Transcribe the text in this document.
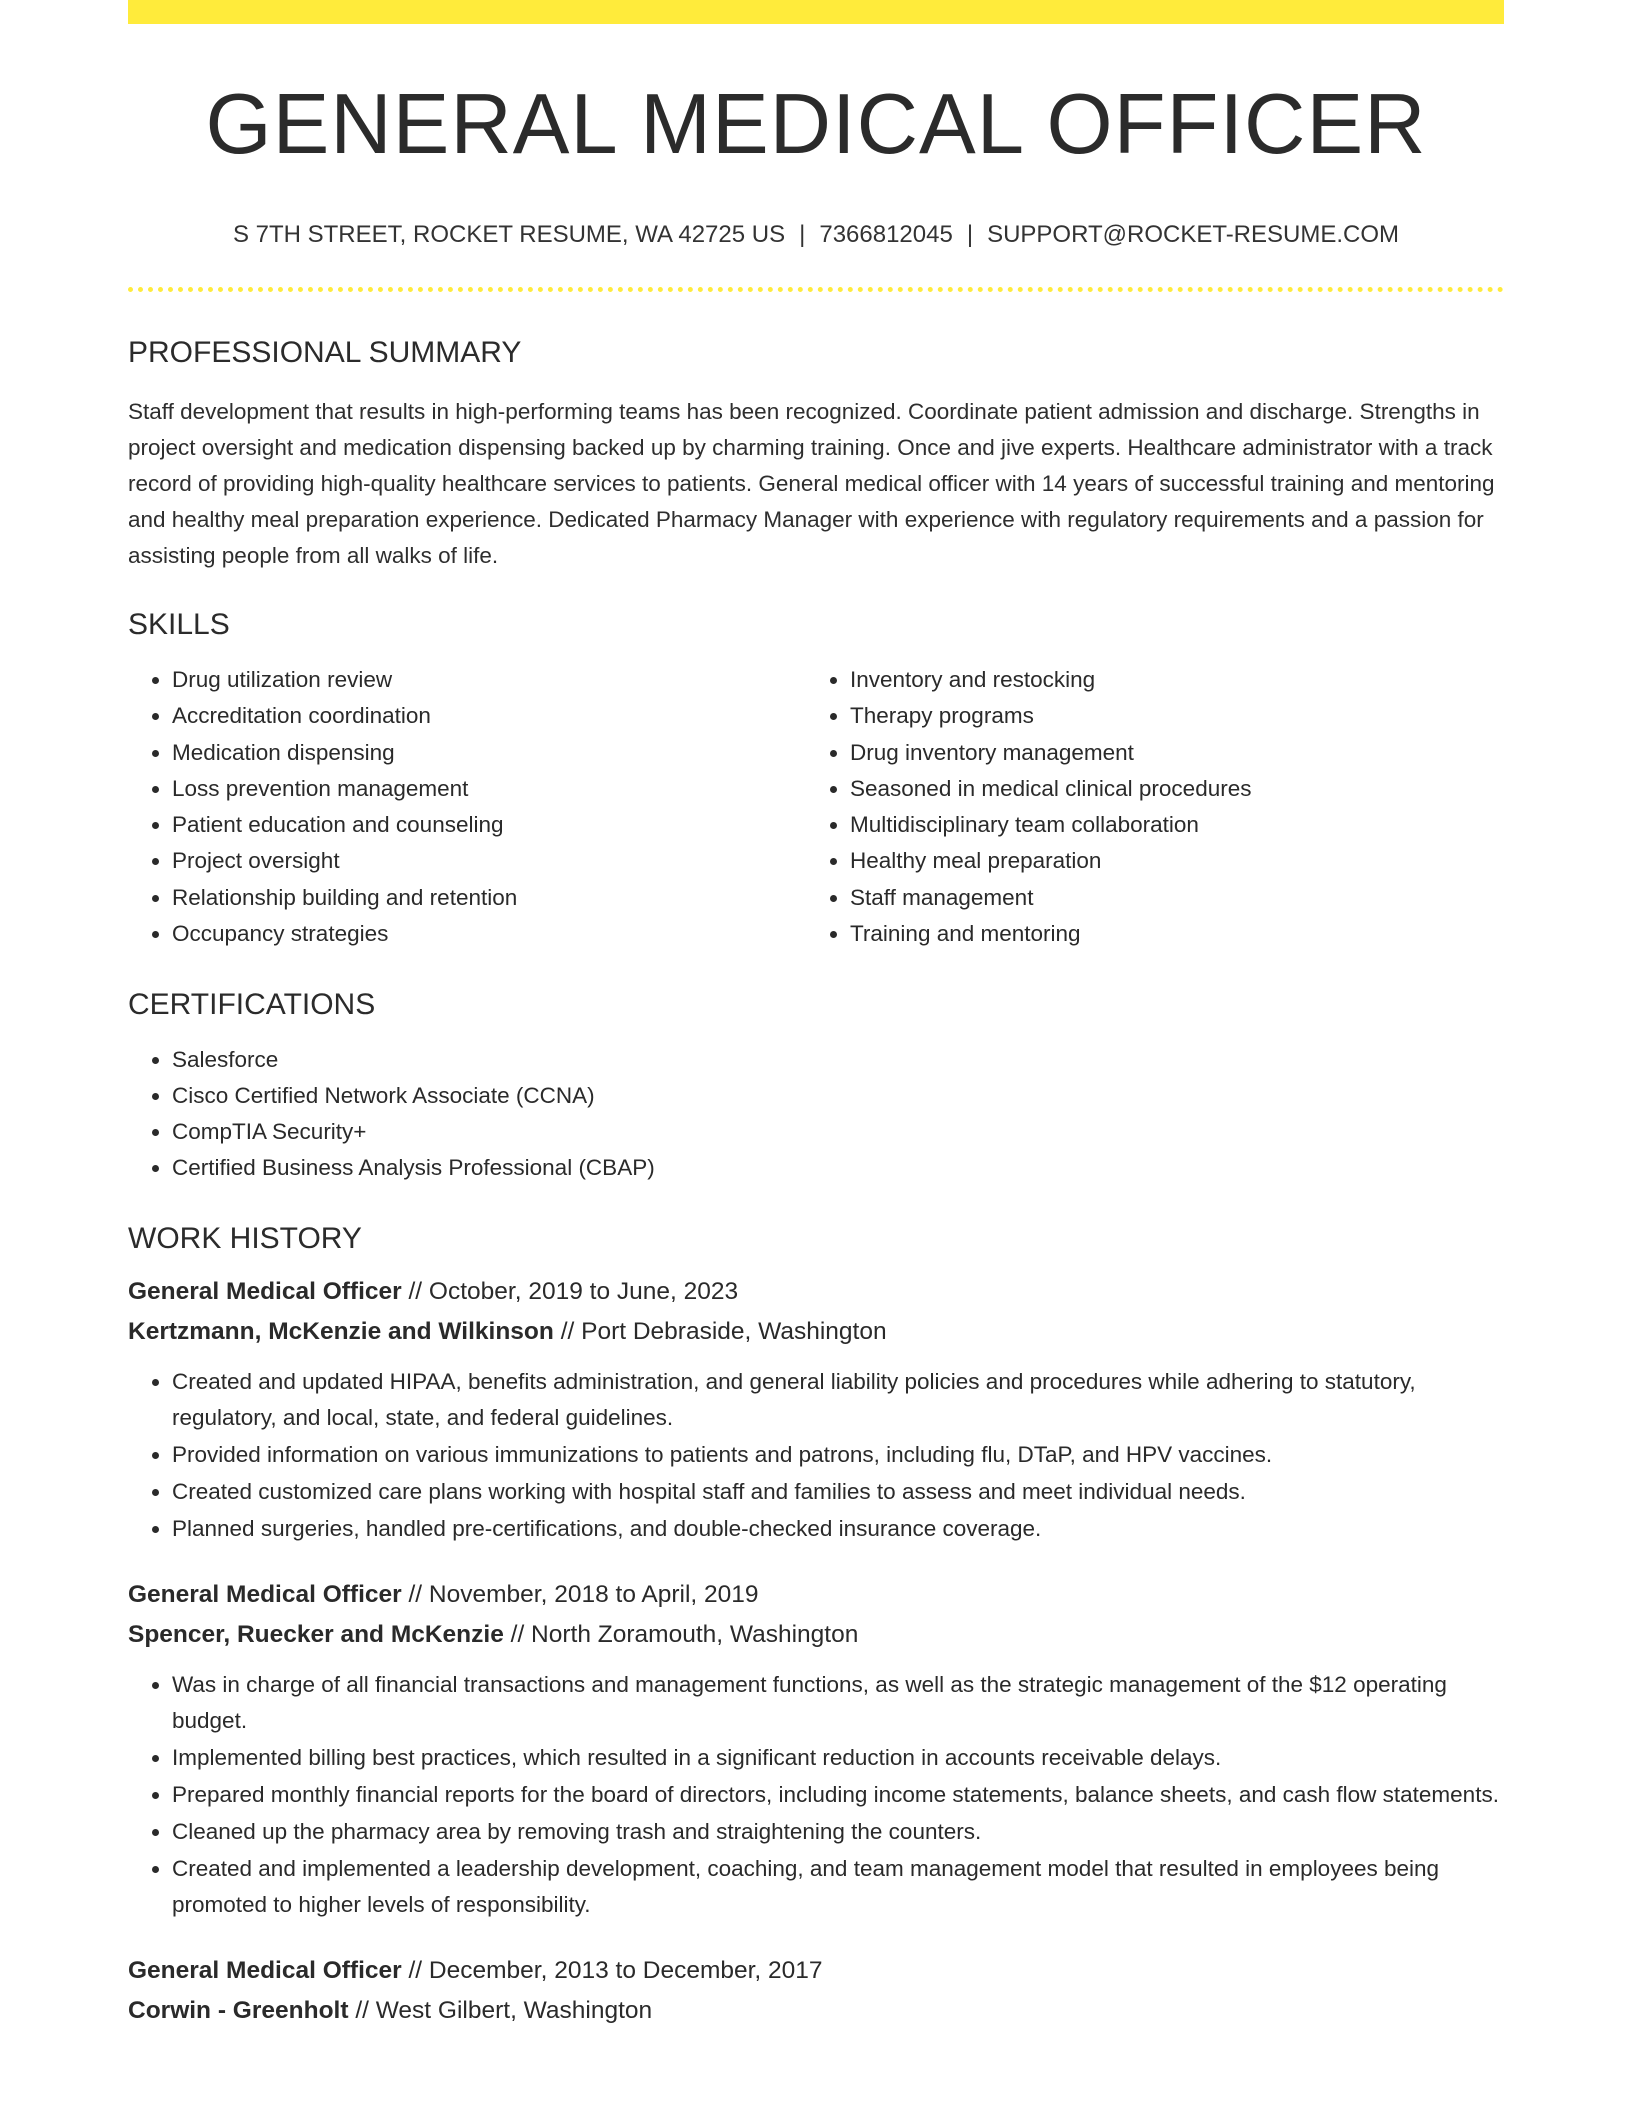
GENERAL MEDICAL OFFICER
S 7TH STREET, ROCKET RESUME, WA 42725 US | 7366812045 | SUPPORT@ROCKET-RESUME.COM
PROFESSIONAL SUMMARY

Staff development that results in high-performing teams has been recognized. Coordinate patient admission and discharge. Strengths in project oversight and medication dispensing backed up by charming training. Once and jive experts. Healthcare administrator with a track record of providing high-quality healthcare services to patients. General medical officer with 14 years of successful training and mentoring and healthy meal preparation experience. Dedicated Pharmacy Manager with experience with regulatory requirements and a passion for assisting people from all walks of life.

SKILLS
• Drug utilization review
• Accreditation coordination
• Medication dispensing
• Loss prevention management
• Patient education and counseling
• Project oversight
• Relationship building and retention
• Occupancy strategies
• Inventory and restocking
• Therapy programs
• Drug inventory management
• Seasoned in medical clinical procedures
• Multidisciplinary team collaboration
• Healthy meal preparation
• Staff management
• Training and mentoring
CERTIFICATIONS
• Salesforce
• Cisco Certified Network Associate (CCNA)
• CompTIA Security+
• Certified Business Analysis Professional (CBAP)
WORK HISTORY
General Medical Officer // October, 2019 to June, 2023
Kertzmann, McKenzie and Wilkinson // Port Debraside, Washington
• Created and updated HIPAA, benefits administration, and general liability policies and procedures while adhering to statutory, regulatory, and local, state, and federal guidelines.
• Provided information on various immunizations to patients and patrons, including flu, DTaP, and HPV vaccines.
• Created customized care plans working with hospital staff and families to assess and meet individual needs.
• Planned surgeries, handled pre-certifications, and double-checked insurance coverage.
General Medical Officer // November, 2018 to April, 2019
Spencer, Ruecker and McKenzie // North Zoramouth, Washington
• Was in charge of all financial transactions and management functions, as well as the strategic management of the $12 operating budget.
• Implemented billing best practices, which resulted in a significant reduction in accounts receivable delays.
• Prepared monthly financial reports for the board of directors, including income statements, balance sheets, and cash flow statements.
• Cleaned up the pharmacy area by removing trash and straightening the counters.
• Created and implemented a leadership development, coaching, and team management model that resulted in employees being promoted to higher levels of responsibility.
General Medical Officer // December, 2013 to December, 2017
Corwin - Greenholt // West Gilbert, Washington
